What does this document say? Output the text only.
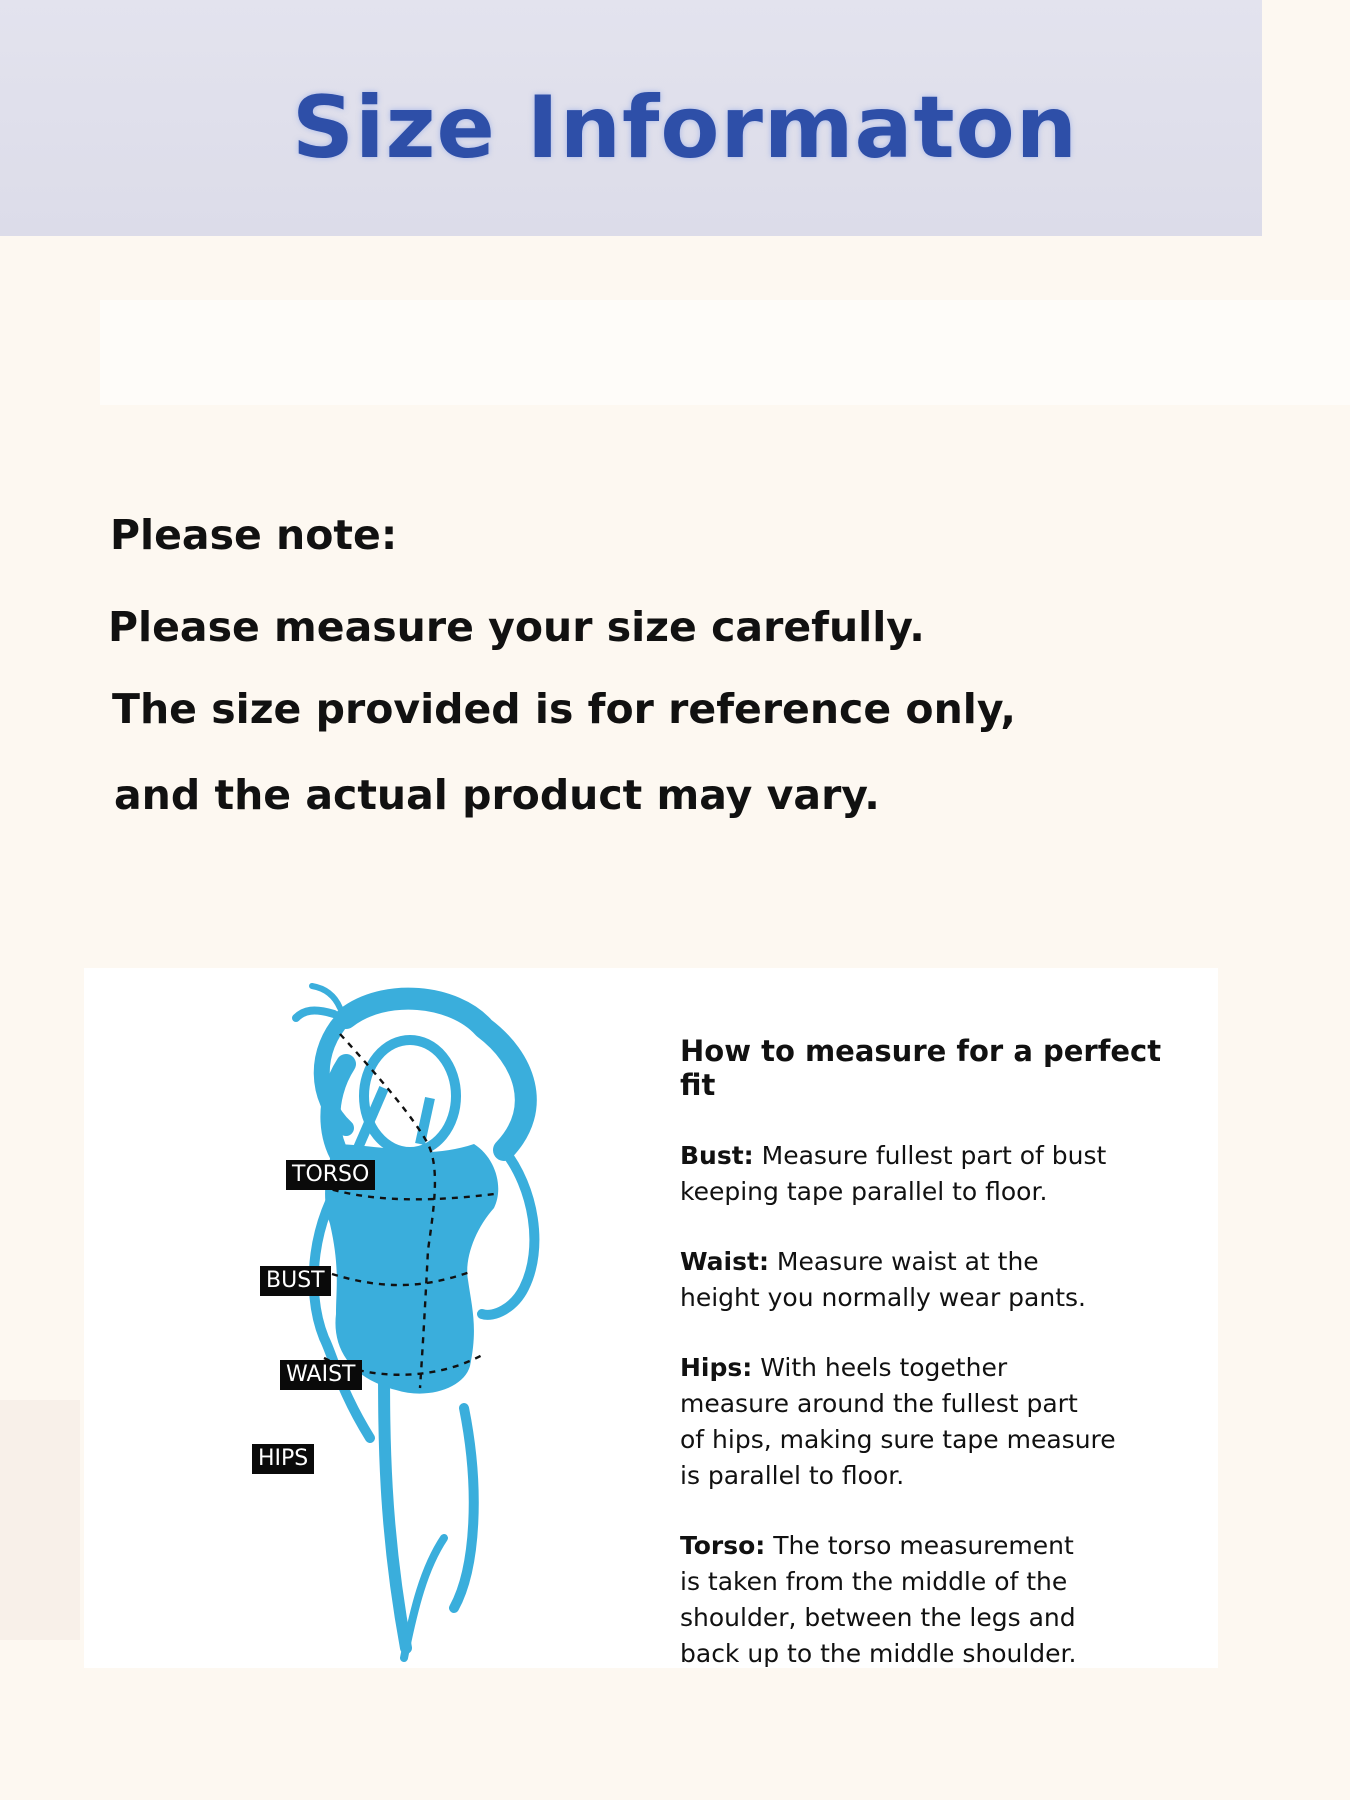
Size Informaton

Please note:

Please measure your size carefully.

The size provided is for reference only,

and the actual product may vary.

TORSO
BUST
WAIST
HIPS

How to measure for a perfect fit

Bust: Measure fullest part of bust
keeping tape parallel to floor.

Waist: Measure waist at the
height you normally wear pants.

Hips: With heels together
measure around the fullest part
of hips, making sure tape measure
is parallel to floor.

Torso: The torso measurement
is taken from the middle of the
shoulder, between the legs and
back up to the middle shoulder.
